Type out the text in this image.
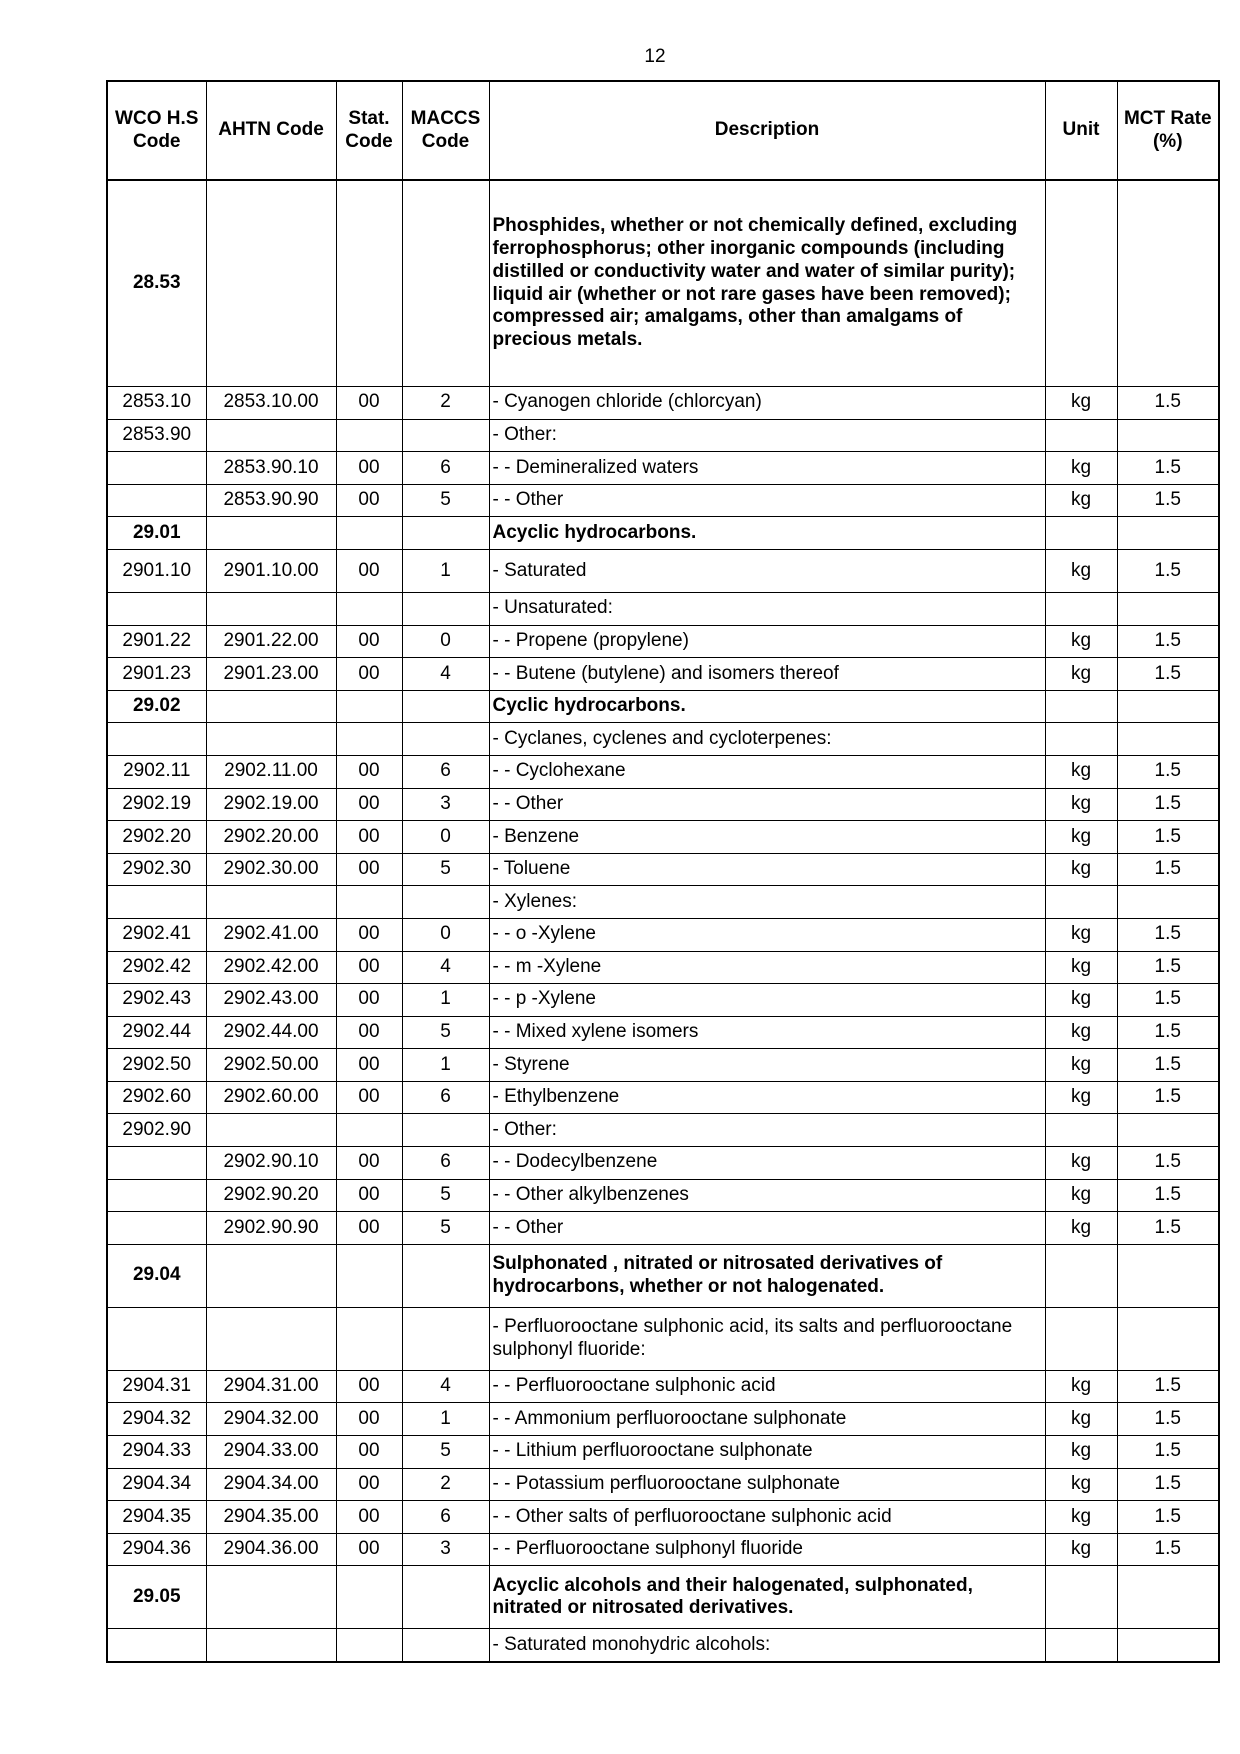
12
WCO H.S Code	AHTN Code	Stat. Code	MACCS Code	Description	Unit	MCT Rate (%)
28.53				Phosphides, whether or not chemically defined, excluding ferrophosphorus; other inorganic compounds (including distilled or conductivity water and water of similar purity); liquid air (whether or not rare gases have been removed); compressed air; amalgams, other than amalgams of precious metals.		
2853.10	2853.10.00	00	2	- Cyanogen chloride (chlorcyan)	kg	1.5
2853.90				- Other:		
	2853.90.10	00	6	- - Demineralized waters	kg	1.5
	2853.90.90	00	5	- - Other	kg	1.5
29.01				Acyclic hydrocarbons.		
2901.10	2901.10.00	00	1	- Saturated	kg	1.5
				- Unsaturated:		
2901.22	2901.22.00	00	0	- - Propene (propylene)	kg	1.5
2901.23	2901.23.00	00	4	- - Butene (butylene) and isomers thereof	kg	1.5
29.02				Cyclic hydrocarbons.		
				- Cyclanes, cyclenes and cycloterpenes:		
2902.11	2902.11.00	00	6	- - Cyclohexane	kg	1.5
2902.19	2902.19.00	00	3	- - Other	kg	1.5
2902.20	2902.20.00	00	0	- Benzene	kg	1.5
2902.30	2902.30.00	00	5	- Toluene	kg	1.5
				- Xylenes:		
2902.41	2902.41.00	00	0	- - o -Xylene	kg	1.5
2902.42	2902.42.00	00	4	- - m -Xylene	kg	1.5
2902.43	2902.43.00	00	1	- - p -Xylene	kg	1.5
2902.44	2902.44.00	00	5	- - Mixed xylene isomers	kg	1.5
2902.50	2902.50.00	00	1	- Styrene	kg	1.5
2902.60	2902.60.00	00	6	- Ethylbenzene	kg	1.5
2902.90				- Other:		
	2902.90.10	00	6	- - Dodecylbenzene	kg	1.5
	2902.90.20	00	5	- - Other alkylbenzenes	kg	1.5
	2902.90.90	00	5	- - Other	kg	1.5
29.04				Sulphonated , nitrated or nitrosated derivatives of hydrocarbons, whether or not halogenated.		
				- Perfluorooctane sulphonic acid, its salts and perfluorooctane sulphonyl fluoride:		
2904.31	2904.31.00	00	4	- - Perfluorooctane sulphonic acid	kg	1.5
2904.32	2904.32.00	00	1	- - Ammonium perfluorooctane sulphonate	kg	1.5
2904.33	2904.33.00	00	5	- - Lithium perfluorooctane sulphonate	kg	1.5
2904.34	2904.34.00	00	2	- - Potassium perfluorooctane sulphonate	kg	1.5
2904.35	2904.35.00	00	6	- - Other salts of perfluorooctane sulphonic acid	kg	1.5
2904.36	2904.36.00	00	3	- - Perfluorooctane sulphonyl fluoride	kg	1.5
29.05				Acyclic alcohols and their halogenated, sulphonated, nitrated or nitrosated derivatives.		
				- Saturated monohydric alcohols:		
